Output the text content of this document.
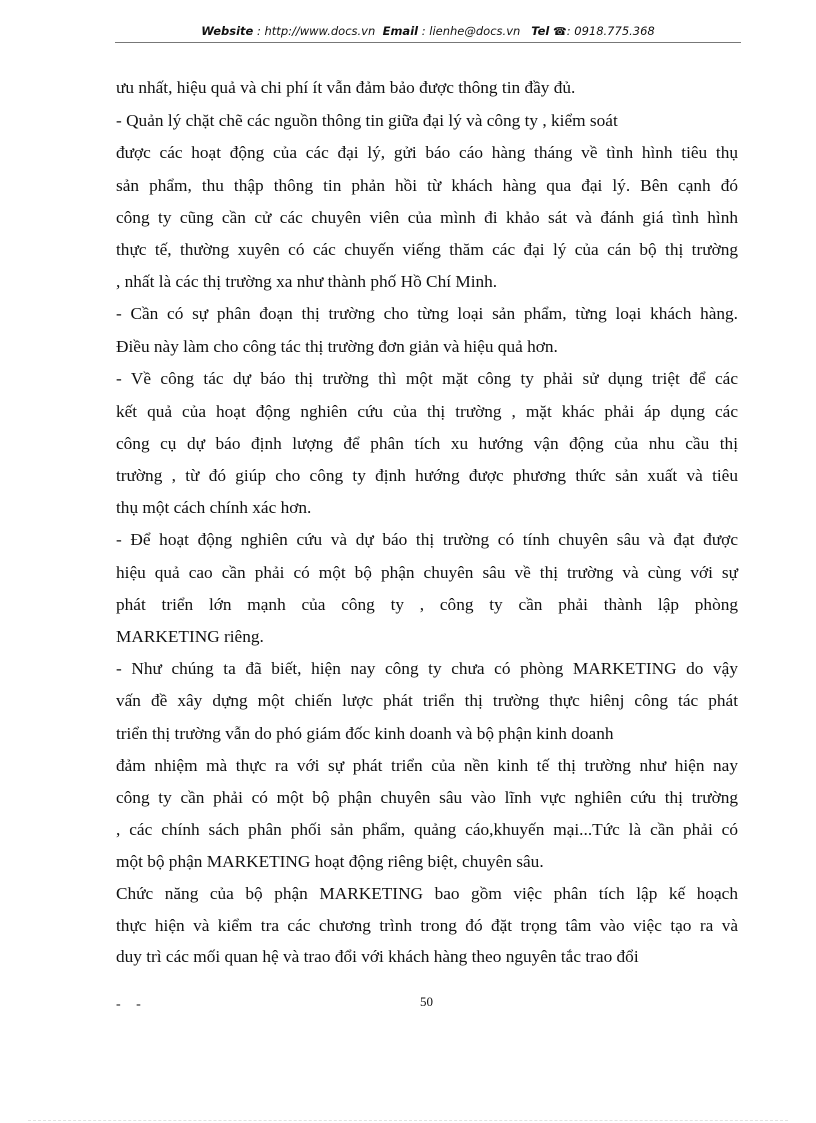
Website : http://www.docs.vn Email : lienhe@docs.vn Tel ☎: 0918.775.368
ưu nhất, hiệu quả và chi phí ít vẫn đảm bảo được thông tin đầy đủ.
- Quản lý chặt chẽ các nguồn thông tin giữa đại lý và công ty , kiểm soát
được các hoạt động của các đại lý, gửi báo cáo hàng tháng về tình hình tiêu thụ
sản phẩm, thu thập thông tin phản hồi từ khách hàng qua đại lý. Bên cạnh đó
công ty cũng cần cử các chuyên viên của mình đi khảo sát và đánh giá tình hình
thực tế, thường xuyên có các chuyến viếng thăm các đại lý của cán bộ thị trường
, nhất là các thị trường xa như thành phố Hồ Chí Minh.
- Cần có sự phân đoạn thị trường cho từng loại sản phẩm, từng loại khách hàng.
Điều này làm cho công tác thị trường đơn giản và hiệu quả hơn.
- Về công tác dự báo thị trường thì một mặt công ty phải sử dụng triệt để các
kết quả của hoạt động nghiên cứu của thị trường , mặt khác phải áp dụng các
công cụ dự báo định lượng để phân tích xu hướng vận động của nhu cầu thị
trường , từ đó giúp cho công ty định hướng được phương thức sản xuất và tiêu
thụ một cách chính xác hơn.
- Để hoạt động nghiên cứu và dự báo thị trường có tính chuyên sâu và đạt được
hiệu quả cao cần phải có một bộ phận chuyên sâu về thị trường và cùng với sự
phát triển lớn mạnh của công ty , công ty cần phải thành lập phòng
MARKETING riêng.
- Như chúng ta đã biết, hiện nay công ty chưa có phòng MARKETING do vậy
vấn đề xây dựng một chiến lược phát triển thị trường thực hiênj công tác phát
triển thị trường vẫn do phó giám đốc kinh doanh và bộ phận kinh doanh
đảm nhiệm mà thực ra với sự phát triển của nền kinh tế thị trường như hiện nay
công ty cần phải có một bộ phận chuyên sâu vào lĩnh vực nghiên cứu thị trường
, các chính sách phân phối sản phẩm, quảng cáo,khuyến mại...Tức là cần phải có
một bộ phận MARKETING hoạt động riêng biệt, chuyên sâu.
Chức năng của bộ phận MARKETING bao gồm việc phân tích lập kế hoạch
thực hiện và kiểm tra các chương trình trong đó đặt trọng tâm vào việc tạo ra và
duy trì các mối quan hệ và trao đổi với khách hàng theo nguyên tắc trao đổi
- -	50
